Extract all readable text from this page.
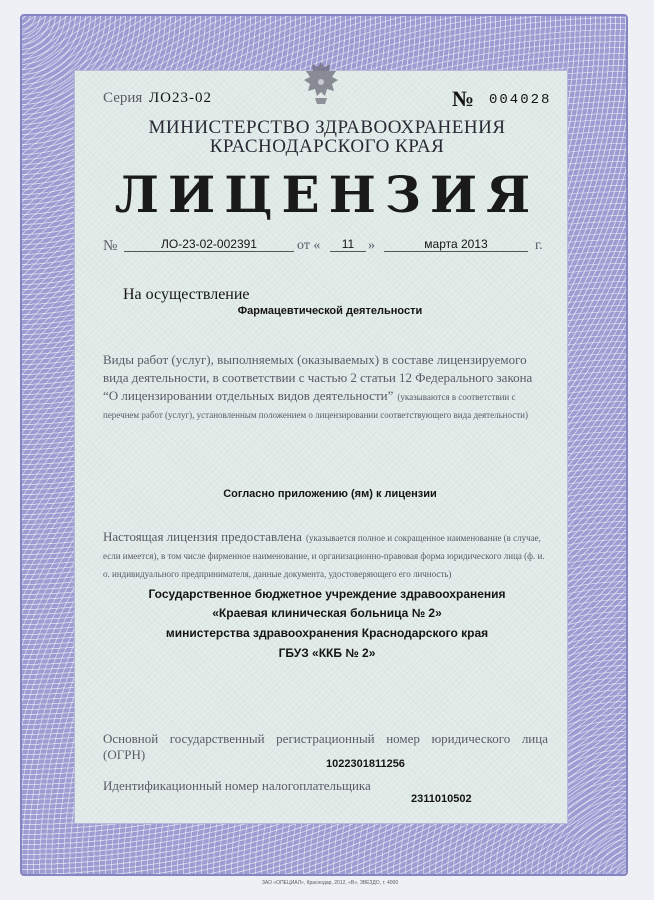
Серия ЛО23-02	№ 004028
МИНИСТЕРСТВО ЗДРАВООХРАНЕНИЯ
КРАСНОДАРСКОГО КРАЯ
ЛИЦЕНЗИЯ
№	ЛО-23-02-002391	от «	11 »	марта 2013	г.
На осуществление
Фармацевтической деятельности
Виды работ (услуг), выполняемых (оказываемых) в составе лицензируемого вида деятельности, в соответствии с частью 2 статьи 12 Федерального закона “О лицензировании отдельных видов деятельности” (указываются в соответствии с перечнем работ (услуг), установленным положением о лицензировании соответствующего вида деятельности)
Согласно приложению (ям) к лицензии
Настоящая лицензия предоставлена (указывается полное и сокращенное наименование (в случае, если имеется), в том числе фирменное наименование, и организационно-правовая форма юридического лица (ф. и. о. индивидуального предпринимателя, данные документа, удостоверяющего его личность)
Государственное бюджетное учреждение здравоохранения
«Краевая клиническая больница № 2»
министерства здравоохранения Краснодарского края
ГБУЗ «ККБ № 2»
Основной государственный регистрационный номер юридического лица (ОГРН)
1022301811256
Идентификационный номер налогоплательщика
2311010502
ЗАО «ОПЕЦИАЛ», Краснодар, 2012, «В», ЗВЕЗДО, т. 4000
